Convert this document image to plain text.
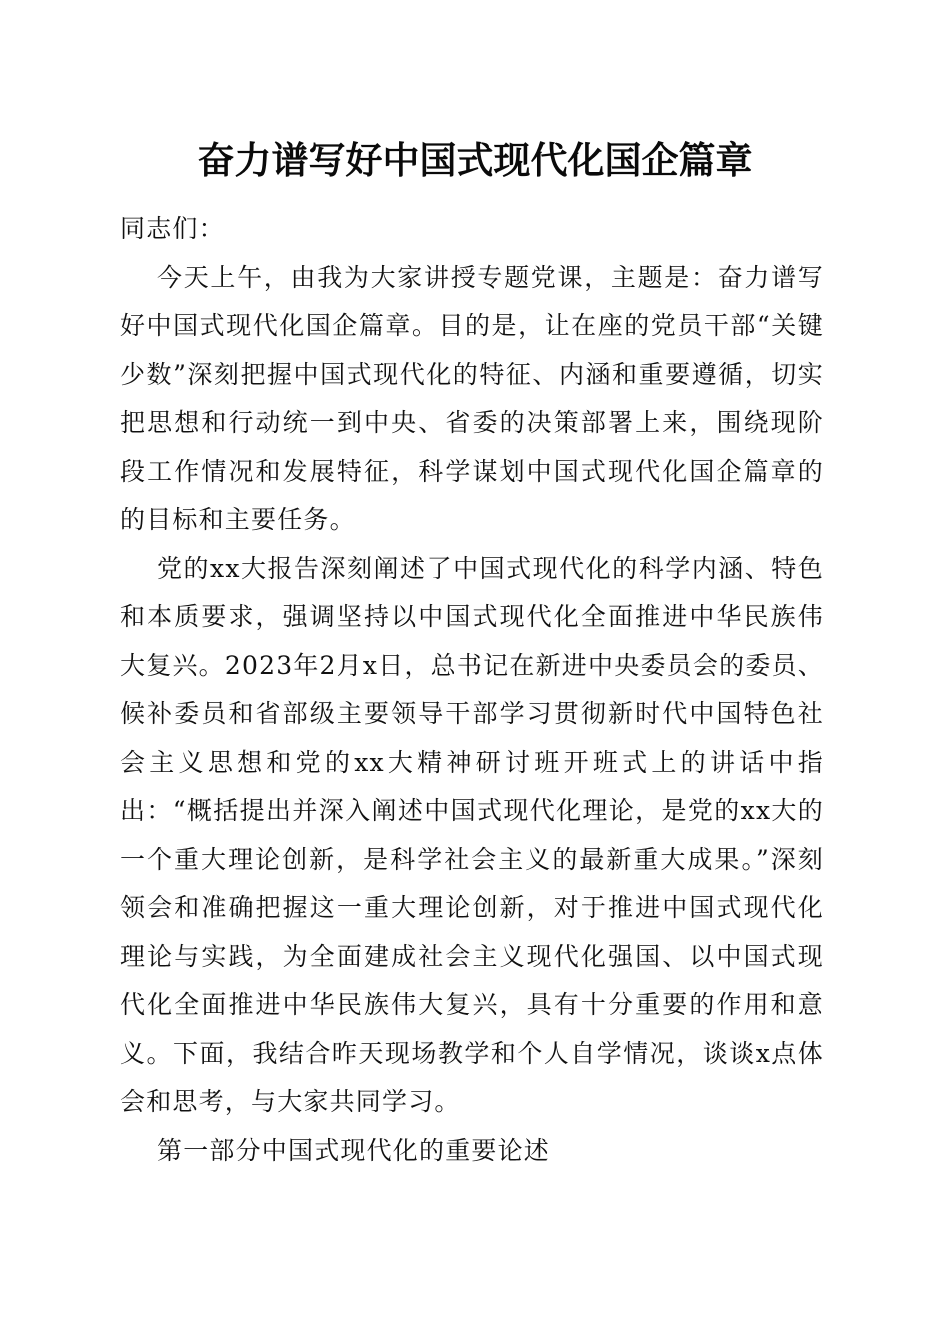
奋力谱写好中国式现代化国企篇章

同志们：

今天上午，由我为大家讲授专题党课，主题是：奋力谱写好中国式现代化国企篇章。目的是，让在座的党员干部“关键少数”深刻把握中国式现代化的特征、内涵和重要遵循，切实把思想和行动统一到中央、省委的决策部署上来，围绕现阶段工作情况和发展特征，科学谋划中国式现代化国企篇章的的目标和主要任务。

党的xx大报告深刻阐述了中国式现代化的科学内涵、特色和本质要求，强调坚持以中国式现代化全面推进中华民族伟大复兴。2023年2月x日，总书记在新进中央委员会的委员、候补委员和省部级主要领导干部学习贯彻新时代中国特色社会主义思想和党的xx大精神研讨班开班式上的讲话中指出：“概括提出并深入阐述中国式现代化理论，是党的xx大的一个重大理论创新，是科学社会主义的最新重大成果。”深刻领会和准确把握这一重大理论创新，对于推进中国式现代化理论与实践，为全面建成社会主义现代化强国、以中国式现代化全面推进中华民族伟大复兴，具有十分重要的作用和意义。下面，我结合昨天现场教学和个人自学情况，谈谈x点体会和思考，与大家共同学习。

第一部分中国式现代化的重要论述
